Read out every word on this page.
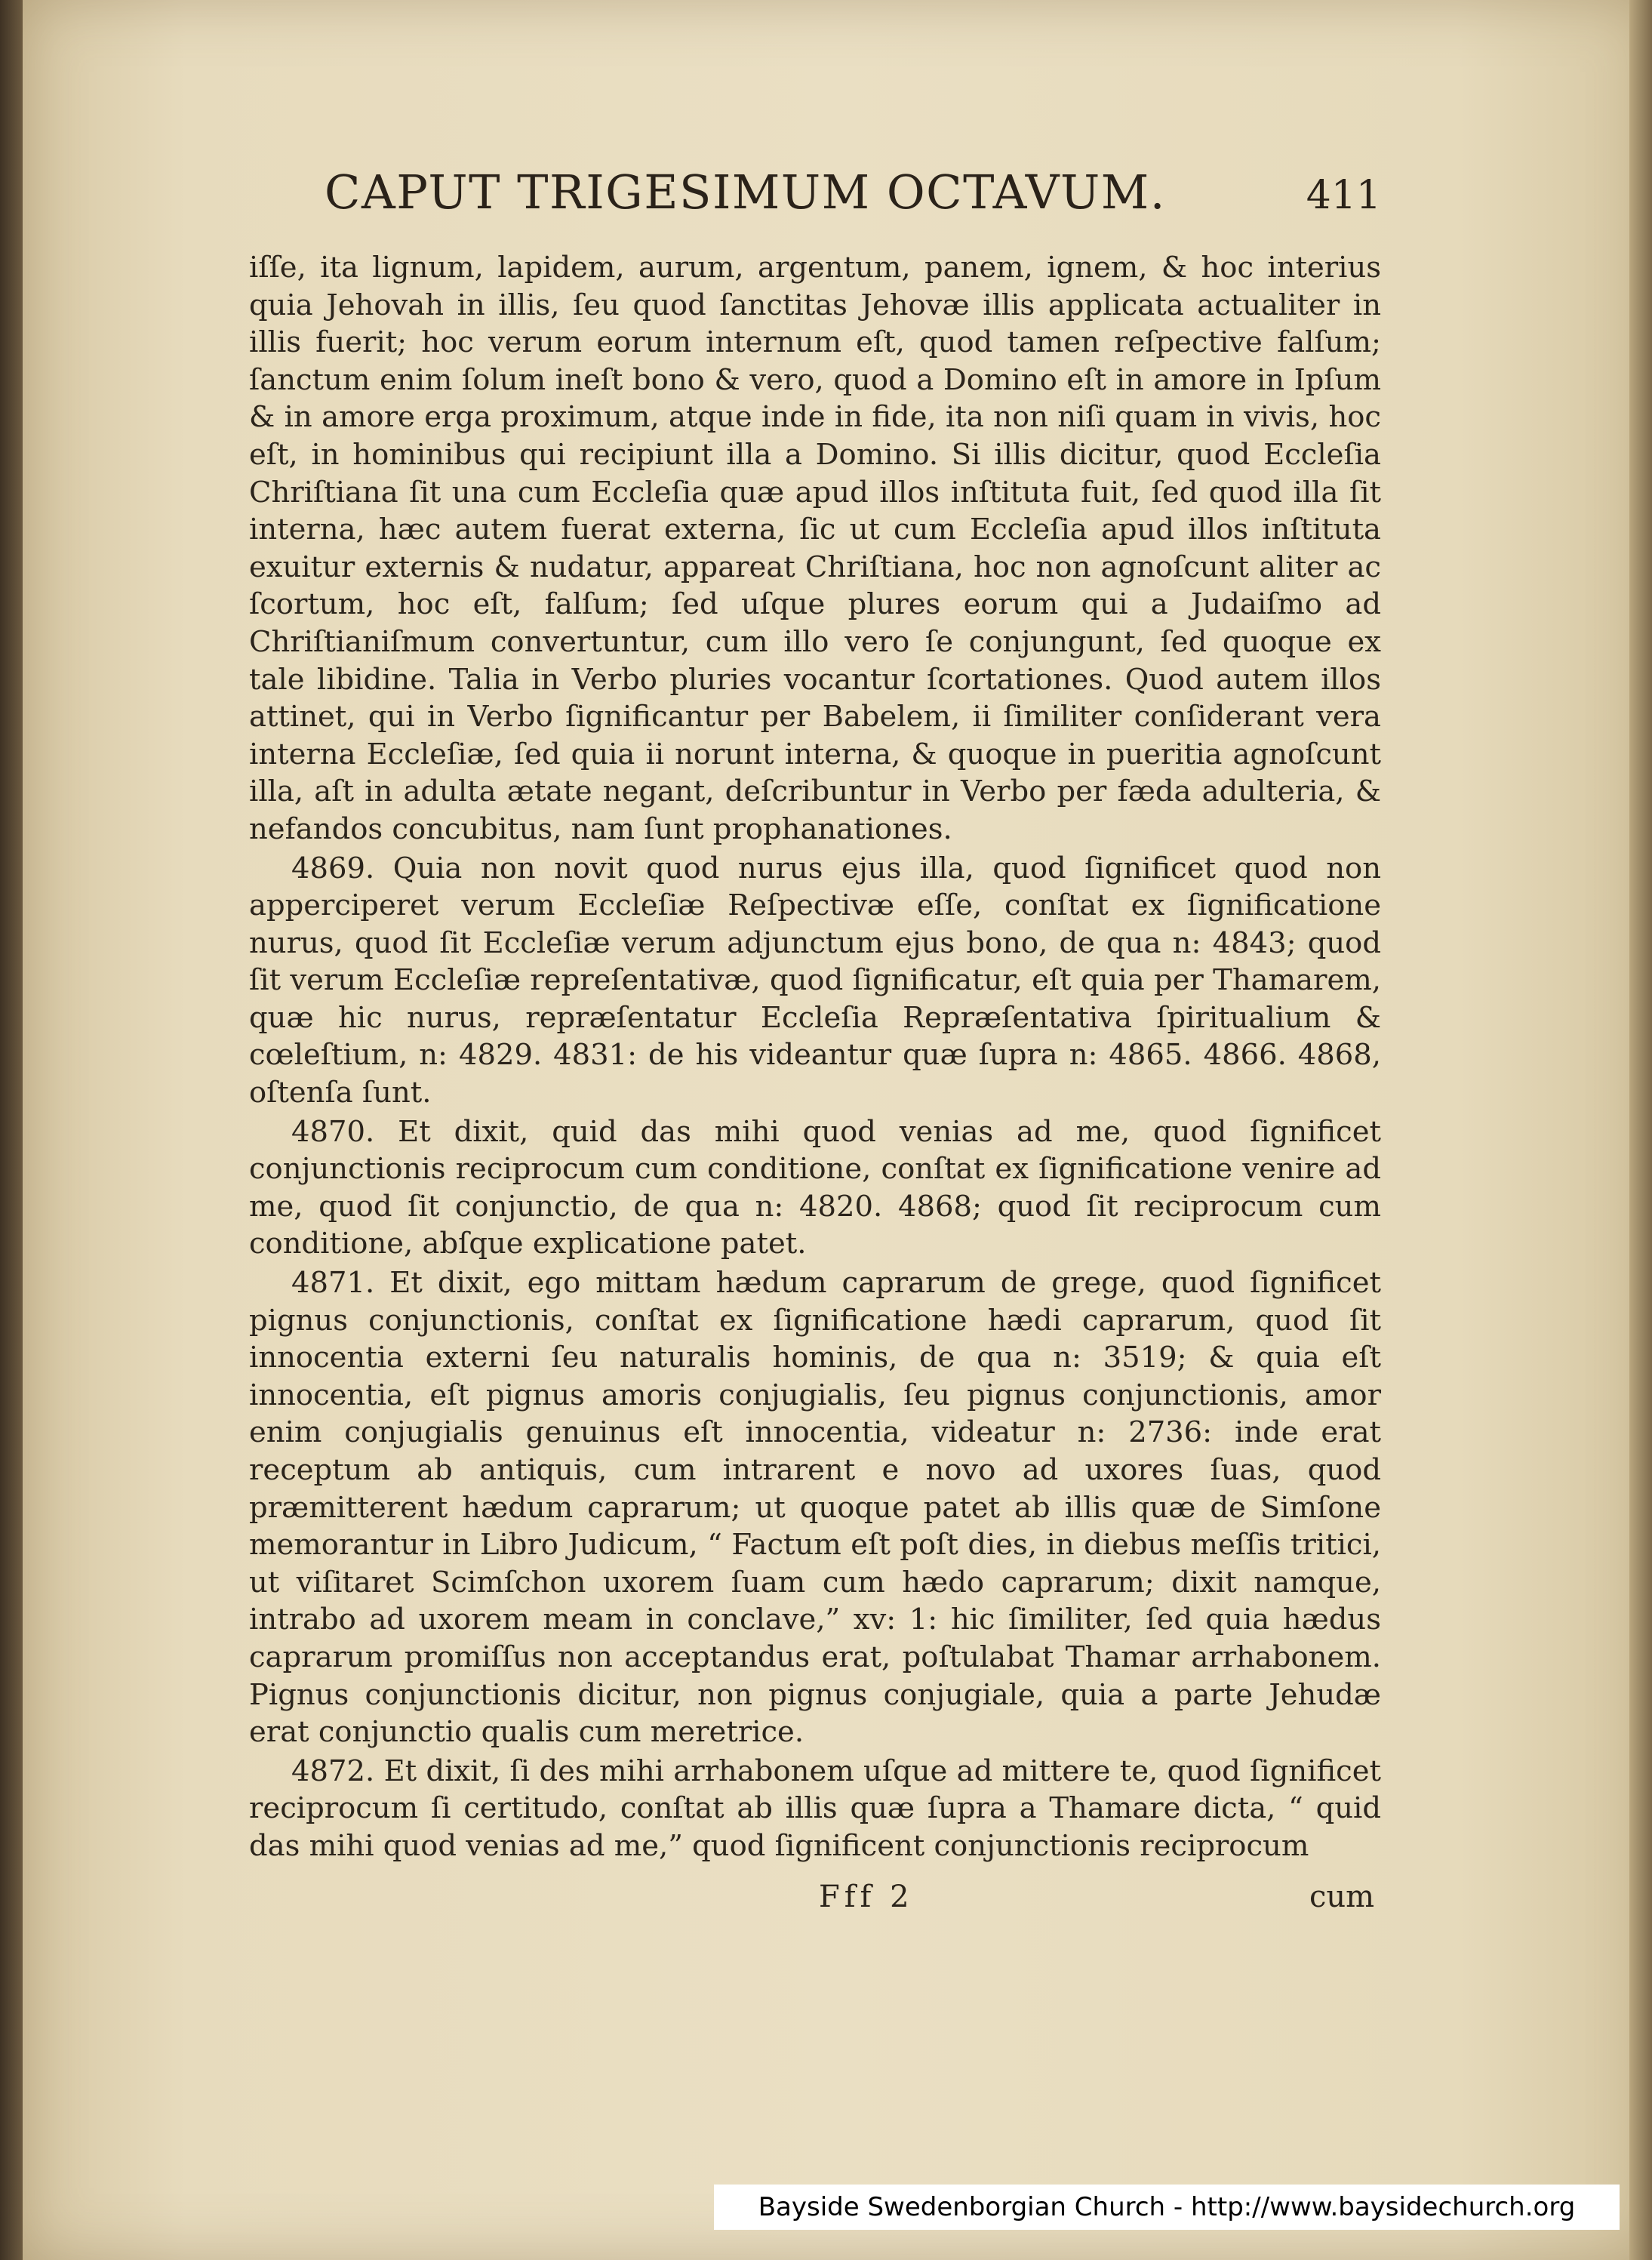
CAPUT TRIGESIMUM OCTAVUM.	411

iſſe, ita lignum, lapidem, aurum, argentum, panem, ignem, & hoc interius quia Jehovah in illis, ſeu quod ſanctitas Jehovæ illis applicata actualiter in illis fuerit; hoc verum eorum internum eſt, quod tamen reſpective falſum; ſanctum enim ſolum ineſt bono & vero, quod a Domino eſt in amore in Ipſum & in amore erga proximum, atque inde in fide, ita non niſi quam in vivis, hoc eſt, in hominibus qui recipiunt illa a Domino. Si illis dicitur, quod Eccleſia Chriſtiana ſit una cum Eccleſia quæ apud illos inſtituta fuit, ſed quod illa ſit interna, hæc autem fuerat externa, ſic ut cum Eccleſia apud illos inſtituta exuitur externis & nudatur, appareat Chriſtiana, hoc non agnoſcunt aliter ac ſcortum, hoc eſt, falſum; ſed uſque plures eorum qui a Judaiſmo ad Chriſtianiſmum convertuntur, cum illo vero ſe conjungunt, ſed quoque ex tale libidine. Talia in Verbo pluries vocantur ſcortationes. Quod autem illos attinet, qui in Verbo ſignificantur per Babelem, ii ſimiliter conſiderant vera interna Eccleſiæ, ſed quia ii norunt interna, & quoque in pueritia agnoſcunt illa, aſt in adulta ætate negant, deſcribuntur in Verbo per fæda adulteria, & nefandos concubitus, nam ſunt prophanationes.

4869. Quia non novit quod nurus ejus illa, quod ſignificet quod non apperciperet verum Eccleſiæ Reſpectivæ eſſe, conſtat ex ſignificatione nurus, quod ſit Eccleſiæ verum adjunctum ejus bono, de qua n: 4843; quod ſit verum Eccleſiæ repreſentativæ, quod ſignificatur, eſt quia per Thamarem, quæ hic nurus, repræſentatur Eccleſia Repræſentativa ſpiritualium & cœleſtium, n: 4829. 4831: de his videantur quæ ſupra n: 4865. 4866. 4868, oſtenſa ſunt.

4870. Et dixit, quid das mihi quod venias ad me, quod ſignificet conjunctionis reciprocum cum conditione, conſtat ex ſignificatione venire ad me, quod ſit conjunctio, de qua n: 4820. 4868; quod ſit reciprocum cum conditione, abſque explicatione patet.

4871. Et dixit, ego mittam hædum caprarum de grege, quod ſignificet pignus conjunctionis, conſtat ex ſignificatione hædi caprarum, quod ſit innocentia externi ſeu naturalis hominis, de qua n: 3519; & quia eſt innocentia, eſt pignus amoris conjugialis, ſeu pignus conjunctionis, amor enim conjugialis genuinus eſt innocentia, videatur n: 2736: inde erat receptum ab antiquis, cum intrarent e novo ad uxores ſuas, quod præmitterent hædum caprarum; ut quoque patet ab illis quæ de Simſone memorantur in Libro Judicum, “ Factum eſt poſt dies, in diebus meſſis tritici, ut viſitaret Scimſchon uxorem ſuam cum hædo caprarum; dixit namque, intrabo ad uxorem meam in conclave,” xv: 1: hic ſimiliter, ſed quia hædus caprarum promiſſus non acceptandus erat, poſtulabat Thamar arrhabonem. Pignus conjunctionis dicitur, non pignus conjugiale, quia a parte Jehudæ erat conjunctio qualis cum meretrice.

4872. Et dixit, ſi des mihi arrhabonem uſque ad mittere te, quod ſignificet reciprocum ſi certitudo, conſtat ab illis quæ ſupra a Thamare dicta, “ quid das mihi quod venias ad me,” quod ſignificent conjunctionis reciprocum

Fff 2	cum
Bayside Swedenborgian Church - http://www.baysidechurch.org
